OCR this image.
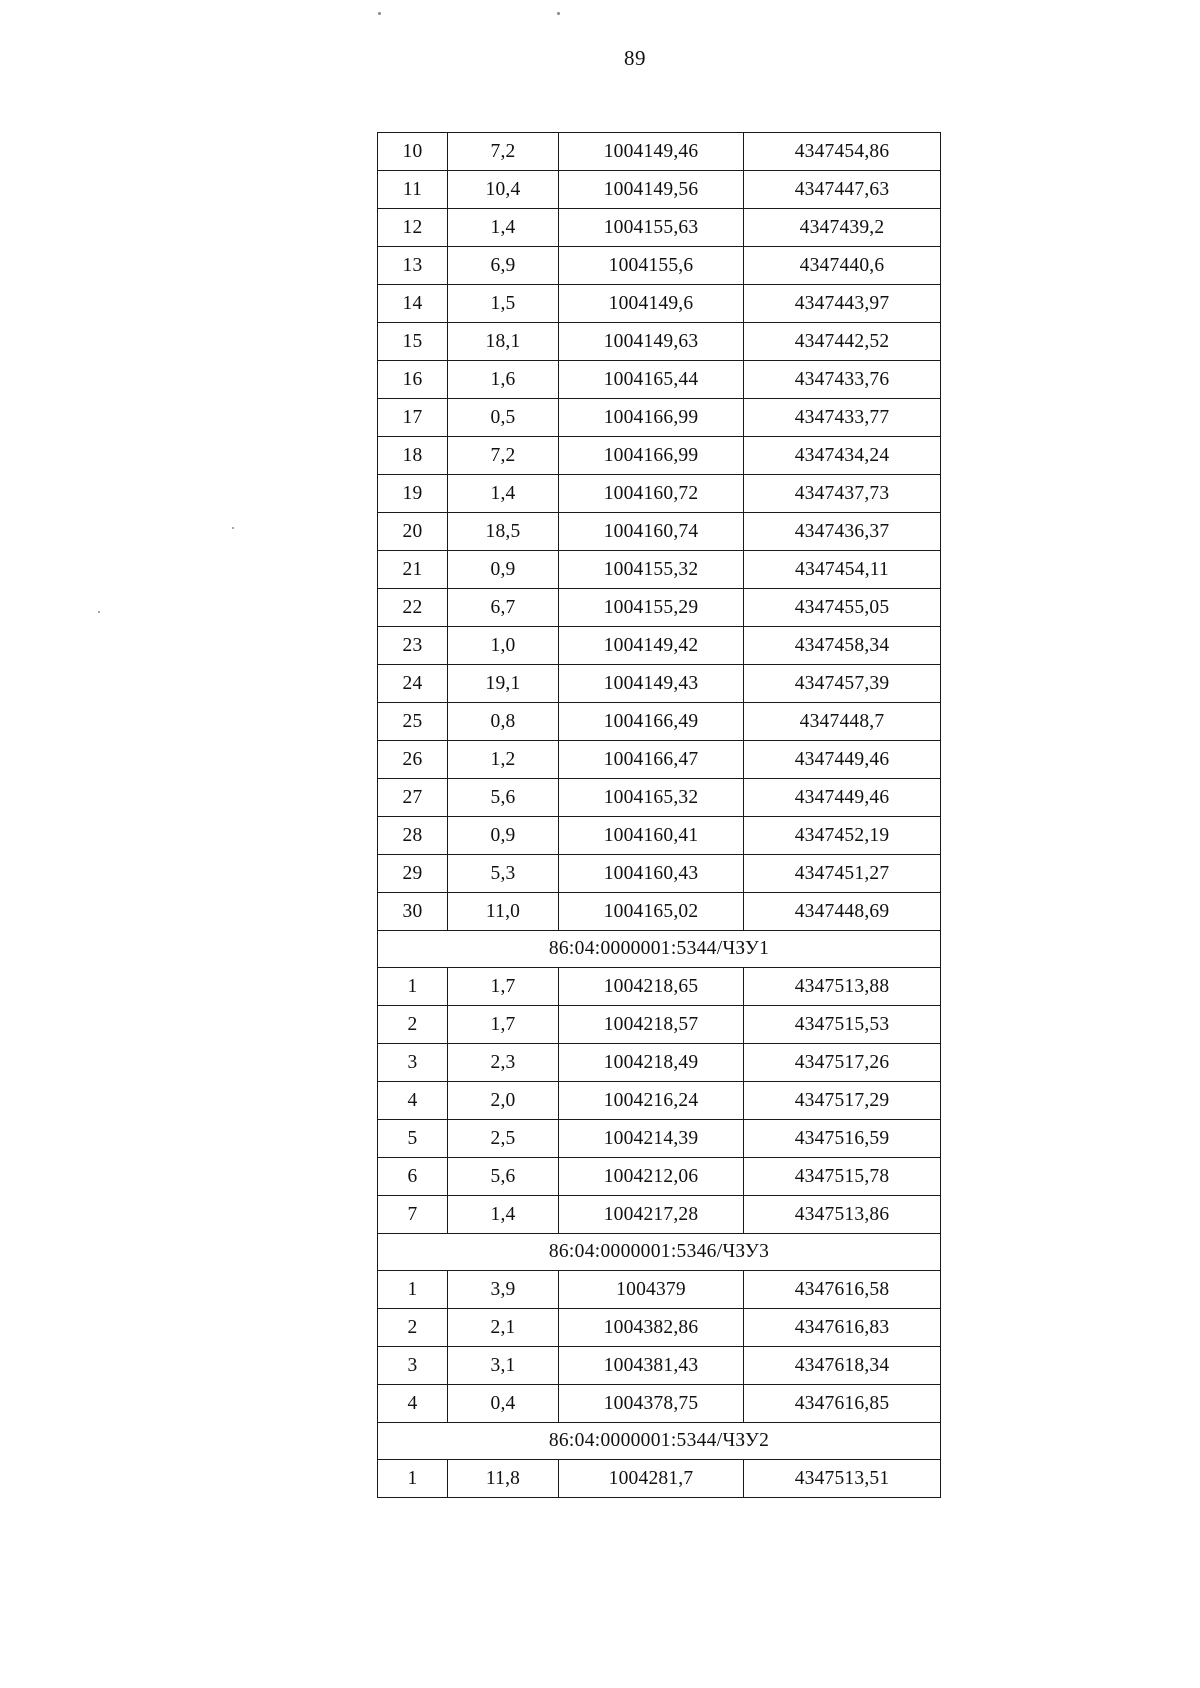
89
10	7,2	1004149,46	4347454,86
11	10,4	1004149,56	4347447,63
12	1,4	1004155,63	4347439,2
13	6,9	1004155,6	4347440,6
14	1,5	1004149,6	4347443,97
15	18,1	1004149,63	4347442,52
16	1,6	1004165,44	4347433,76
17	0,5	1004166,99	4347433,77
18	7,2	1004166,99	4347434,24
19	1,4	1004160,72	4347437,73
20	18,5	1004160,74	4347436,37
21	0,9	1004155,32	4347454,11
22	6,7	1004155,29	4347455,05
23	1,0	1004149,42	4347458,34
24	19,1	1004149,43	4347457,39
25	0,8	1004166,49	4347448,7
26	1,2	1004166,47	4347449,46
27	5,6	1004165,32	4347449,46
28	0,9	1004160,41	4347452,19
29	5,3	1004160,43	4347451,27
30	11,0	1004165,02	4347448,69
86:04:0000001:5344/ЧЗУ1			
1	1,7	1004218,65	4347513,88
2	1,7	1004218,57	4347515,53
3	2,3	1004218,49	4347517,26
4	2,0	1004216,24	4347517,29
5	2,5	1004214,39	4347516,59
6	5,6	1004212,06	4347515,78
7	1,4	1004217,28	4347513,86
86:04:0000001:5346/ЧЗУ3			
1	3,9	1004379	4347616,58
2	2,1	1004382,86	4347616,83
3	3,1	1004381,43	4347618,34
4	0,4	1004378,75	4347616,85
86:04:0000001:5344/ЧЗУ2			
1	11,8	1004281,7	4347513,51
